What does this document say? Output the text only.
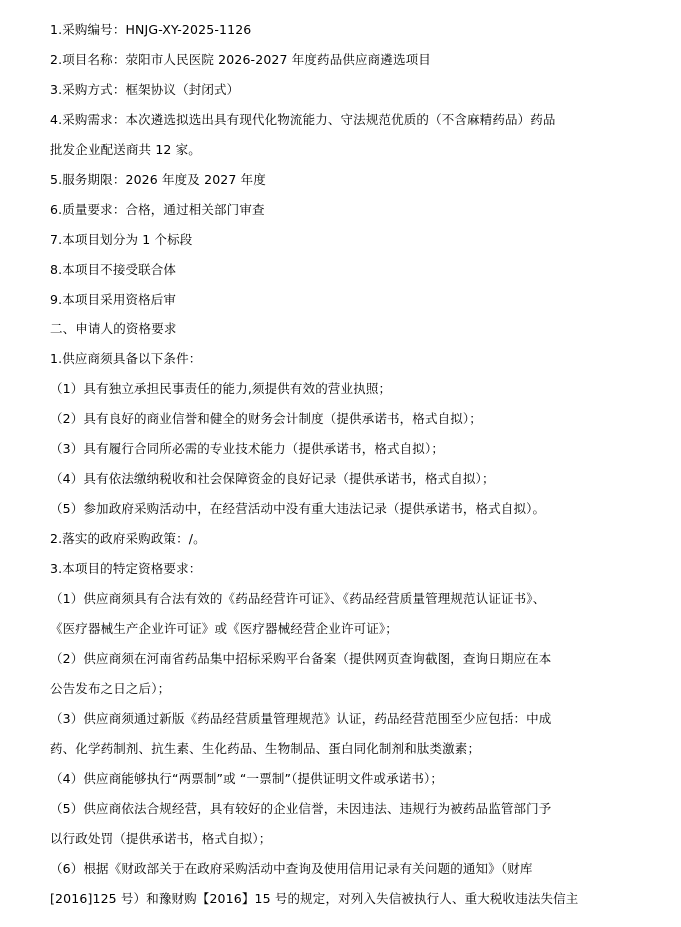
1.采购编号：HNJG-XY-2025-1126
2.项目名称：荥阳市人民医院 2026-2027 年度药品供应商遴选项目
3.采购方式：框架协议（封闭式）
4.采购需求：本次遴选拟选出具有现代化物流能力、守法规范优质的（不含麻精药品）药品
批发企业配送商共 12 家。
5.服务期限：2026 年度及 2027 年度
6.质量要求：合格，通过相关部门审查
7.本项目划分为 1 个标段
8.本项目不接受联合体
9.本项目采用资格后审
二、申请人的资格要求
1.供应商须具备以下条件：
（1）具有独立承担民事责任的能力,须提供有效的营业执照；
（2）具有良好的商业信誉和健全的财务会计制度（提供承诺书，格式自拟）；
（3）具有履行合同所必需的专业技术能力（提供承诺书，格式自拟）；
（4）具有依法缴纳税收和社会保障资金的良好记录（提供承诺书，格式自拟）；
（5）参加政府采购活动中，在经营活动中没有重大违法记录（提供承诺书，格式自拟）。
2.落实的政府采购政策：/。
3.本项目的特定资格要求：
（1）供应商须具有合法有效的《药品经营许可证》、《药品经营质量管理规范认证证书》、
《医疗器械生产企业许可证》或《医疗器械经营企业许可证》；
（2）供应商须在河南省药品集中招标采购平台备案（提供网页查询截图，查询日期应在本
公告发布之日之后）；
（3）供应商须通过新版《药品经营质量管理规范》认证，药品经营范围至少应包括：中成
药、化学药制剂、抗生素、生化药品、生物制品、蛋白同化制剂和肽类激素；
（4）供应商能够执行“两票制”或 “一票制”（提供证明文件或承诺书）；
（5）供应商依法合规经营，具有较好的企业信誉，未因违法、违规行为被药品监管部门予
以行政处罚（提供承诺书，格式自拟）；
（6）根据《财政部关于在政府采购活动中查询及使用信用记录有关问题的通知》（财库
[2016]125 号）和豫财购【2016】15 号的规定，对列入失信被执行人、重大税收违法失信主
